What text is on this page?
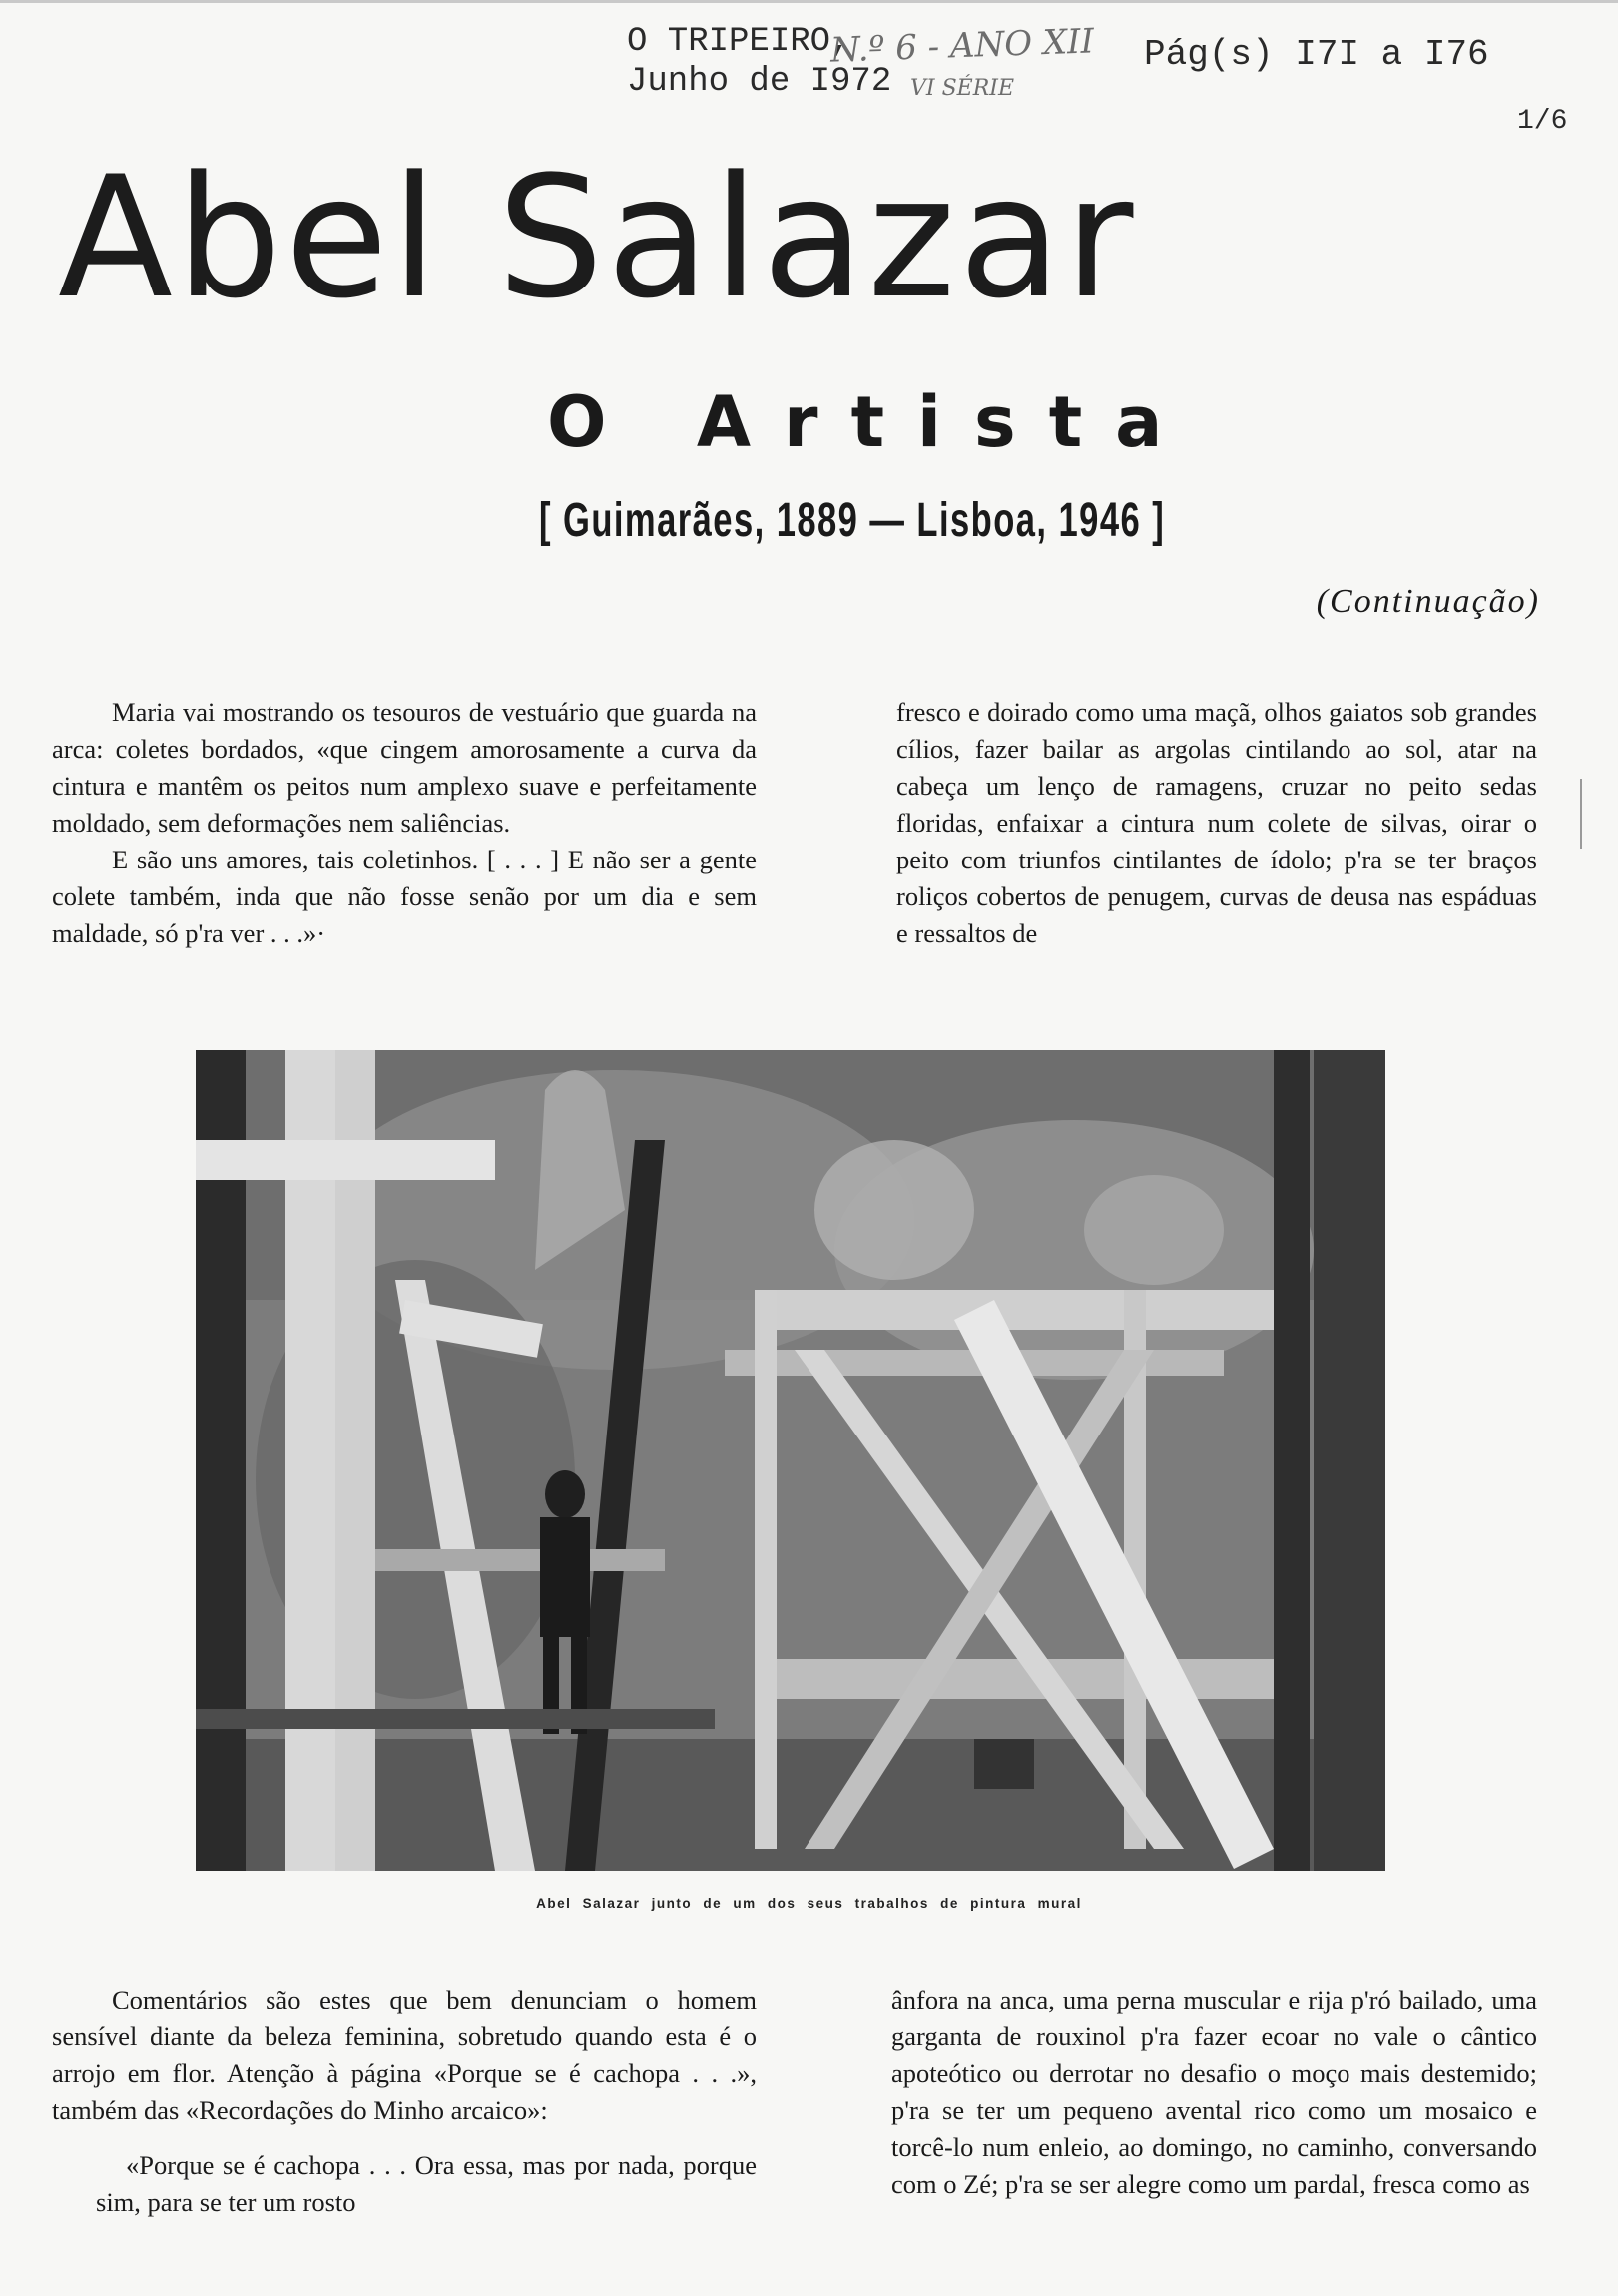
O TRIPEIRO,
Junho de I972
N.º 6 - ANO XII
VI SÉRIE
Pág(s) I7I a I76
1/6
Abel Salazar
O Artista
[ Guimarães, 1889 — Lisboa, 1946 ]
(Continuação)

Maria vai mostrando os tesouros de vestuário que guarda na arca: coletes bordados, «que cingem amorosamente a curva da cintura e mantêm os peitos num amplexo suave e perfeitamente moldado, sem deformações nem saliências.

E são uns amores, tais coletinhos. [ . . . ] E não ser a gente colete também, inda que não fosse senão por um dia e sem maldade, só p'ra ver . . .»·

fresco e doirado como uma maçã, olhos gaiatos sob grandes cílios, fazer bailar as argolas cintilando ao sol, atar na cabeça um lenço de ramagens, cruzar no peito sedas floridas, enfaixar a cintura num colete de silvas, oirar o peito com triunfos cintilantes de ídolo; p'ra se ter braços roliços cobertos de penugem, curvas de deusa nas espáduas e ressaltos de

Abel Salazar junto de um dos seus trabalhos de pintura mural

Comentários são estes que bem denunciam o homem sensível diante da beleza feminina, sobretudo quando esta é o arrojo em flor. Atenção à página «Porque se é cachopa . . .», também das «Recordações do Minho arcaico»:

«Porque se é cachopa . . . Ora essa, mas por nada, porque sim, para se ter um rosto

ânfora na anca, uma perna muscular e rija p'ró bailado, uma garganta de rouxinol p'ra fazer ecoar no vale o cântico apoteótico ou derrotar no desafio o moço mais destemido; p'ra se ter um pequeno avental rico como um mosaico e torcê-lo num enleio, ao domingo, no caminho, conversando com o Zé; p'ra se ser alegre como um pardal, fresca como as
